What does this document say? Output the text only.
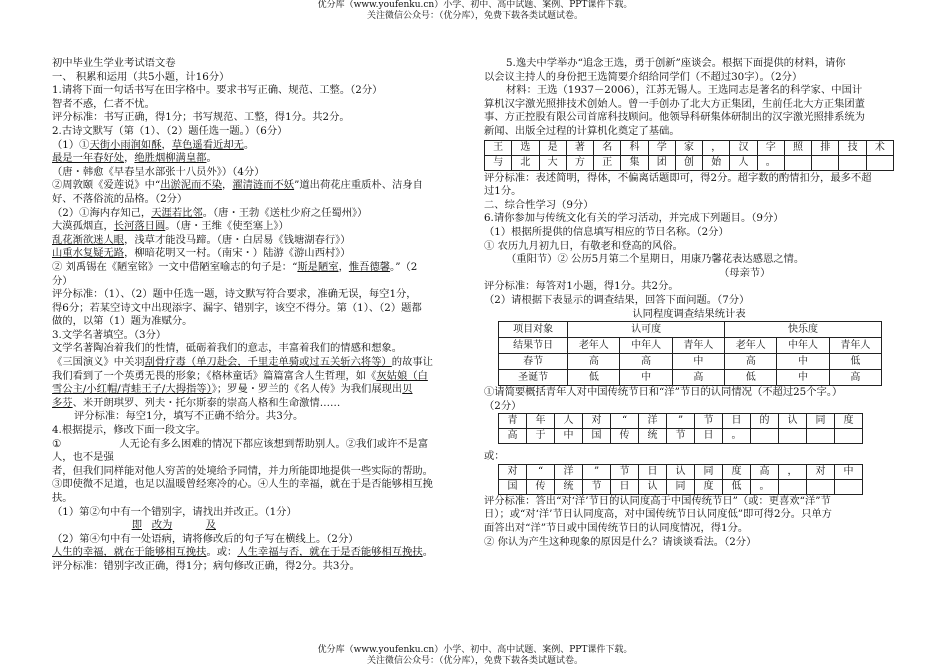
优分库（www.youfenku.cn）小学、初中、高中试题、案例、PPT课件下载。
关注微信公众号：（优分库），免费下载各类试题试卷。

初中毕业生学业考试语文卷

一、 积累和运用（共5小题，计16分）

1.请将下面一句话书写在田字格中。要求书写正确、规范、工整。（2分）

智者不惑，仁者不忧。

评分标准：书写正确，得1分；书写规范、工整，得1分。共2分。

2.古诗文默写（第（1）、（2）题任选一题。）（6分）

（1）①天街小雨润如酥，草色遥看近却无。

最是一年春好处，绝胜烟柳满皇都。

（唐・韩愈《早春呈水部张十八员外》）（4分）

②周敦颐《爱莲说》中“出淤泥而不染，濯清涟而不妖”道出荷花庄重质朴、洁身自

好、不落俗流的品格。（2分）

（2）①海内存知己，天涯若比邻。（唐・王勃《送杜少府之任蜀州》）

大漠孤烟直，长河落日圆。（唐・王维《使至塞上》）

乱花渐欲迷人眼，浅草才能没马蹄。（唐・白居易《钱塘湖春行》）

山重水复疑无路，柳暗花明又一村。（南宋・）陆游《游山西村》）

② 刘禹锡在《陋室铭》一文中借陋室喻志的句子是：“斯是陋室，惟吾德馨。”（2

分）

评分标准：（1）、（2）题中任选一题，诗文默写符合要求，准确无误，每空1分，

得6分；若某空诗文中出现添字、漏字、错别字，该空不得分。第（1）、（2）题都

做的，以第（1）题为准赋分。

3.文学名著填空。（3分）

文学名著陶冶着我们的性情，砥砺着我们的意志，丰富着我们的情感和想象。

《三国演义》中关羽刮骨疗毒（单刀赴会，千里走单骑或过五关斩六将等）的故事让

我们看到了一个英勇无畏的形象；《格林童话》篇篇富含人生哲理，如《灰姑娘（白

雪公主/小红帽/青蛙王子/大拇指等）》；罗曼・罗兰的《名人传》为我们展现出贝

多芬、米开朗琪罗、列夫・托尔斯泰的崇高人格和生命激情……

评分标准：每空1分，填写不正确不给分。共3分。

4.根据提示，修改下面一段文字。

①	人无论有多么困难的情况下都应该想到帮助别人。②我们或许不是富

人，也不是强

者，但我们同样能对他人穷苦的处境给予同情，并力所能即地提供一些实际的帮助。

③即使微不足道，也足以温暖曾经寒冷的心。④人生的幸福，就在于是否能够相互挽

扶。

（1）第②句中有一个错别字，请找出并改正。（1分）

即 改为	及

（2）第④句中有一处语病，请将修改后的句子写在横线上。（2分）

人生的幸福，就在于能够相互挽扶。或：人生幸福与否，就在于是否能够相互挽扶。

评分标准：错别字改正确，得1分；病句修改正确，得2分。共3分。

5.逸夫中学举办“追念王选，勇于创新”座谈会。根据下面提供的材料，请你

以会议主持人的身份把王选简要介绍给同学们（不超过30字）。（2分）

材料：王选（1937－2006），江苏无锡人。王选同志是著名的科学家、中国计

算机汉字激光照排技术创始人。曾一手创办了北大方正集团，生前任北大方正集团董

事、方正控股有限公司首席科技顾问。他领导科研集体研制出的汉字激光照排系统为

新闻、出版全过程的计算机化奠定了基础。

王	选	是	著	名	科	学	家	，	汉	字	照	排	技	术
与	北	大	方	正	集	团	创	始	人	。				

评分标准：表述简明，得体，不偏离话题即可，得2分。超字数的酌情扣分，最多不超

过1分。

二、综合性学习（9分）

6.请你参加与传统文化有关的学习活动，并完成下列题目。（9分）

（1）根据所提供的信息填写相应的节日名称。（2分）

① 农历九月初九日，有敬老和登高的风俗。

（重阳节）② 公历5月第二个星期日，用康乃馨花表达感恩之情。

（母亲节）

评分标准：每答对1小题，得1分。共2分。

（2）请根据下表显示的调查结果，回答下面问题。（7分）

认同程度调查结果统计表

项目对象	认可度			快乐度		
结果节日	老年人	中年人	青年人	老年人	中年人	青年人
春节	高	高	中	高	中	低
圣诞节	低	中	高	低	中	高

①请简要概括青年人对中国传统节日和“洋”节日的认同情况（不超过25个字。）

（2分）

青	年	人	对	“	洋	”	节	日	的	认	同	度
高	于	中	国	传	统	节	日	。				

或：

对	“	洋	”	节	日	认	同	度	高	，	对	中
国	传	统	节	日	认	同	度	低	。			

评分标准：答出“对‘洋’节日的认同度高于中国传统节日”（或：更喜欢“洋”节

日）；或“对‘洋’节日认同度高，对中国传统节日认同度低”即可得2分。只单方

面答出对“洋”节日或中国传统节日的认同度情况，得1分。

② 你认为产生这种现象的原因是什么？请谈谈看法。（2分）

优分库（www.youfenku.cn）小学、初中、高中试题、案例、PPT课件下载。
关注微信公众号：（优分库），免费下载各类试题试卷。
